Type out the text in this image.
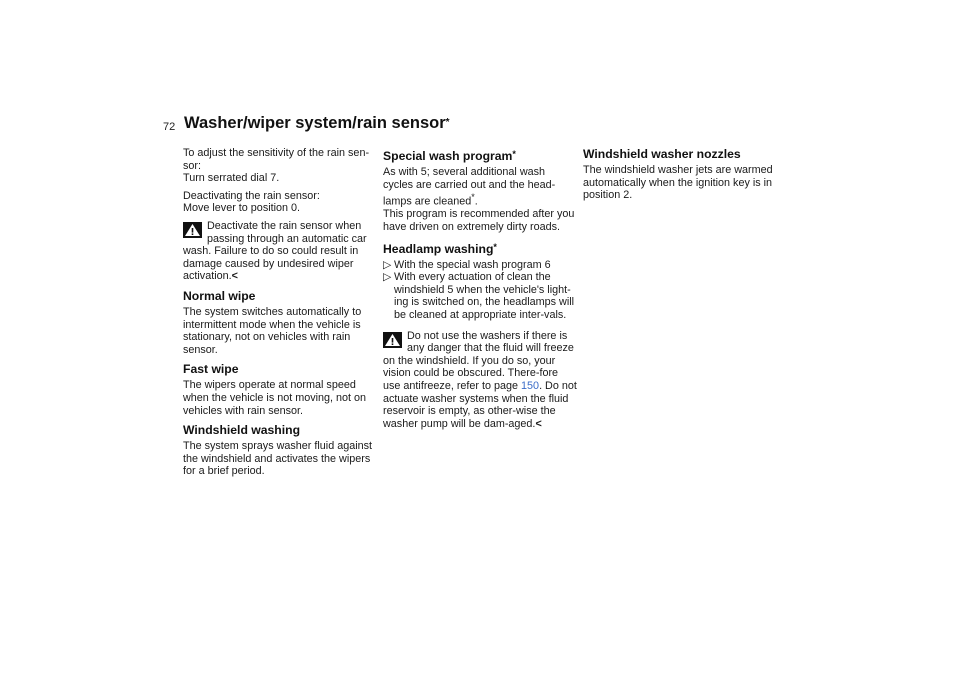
72 Washer/wiper system/rain sensor*

To adjust the sensitivity of the rain sen-sor:
Turn serrated dial 7.

Deactivating the rain sensor:
Move lever to position 0.

Deactivate the rain sensor when passing through an automatic car wash. Failure to do so could result in damage caused by undesired wiper activation.<
Normal wipe

The system switches automatically to intermittent mode when the vehicle is stationary, not on vehicles with rain sensor.

Fast wipe

The wipers operate at normal speed when the vehicle is not moving, not on vehicles with rain sensor.

Windshield washing

The system sprays washer fluid against the windshield and activates the wipers for a brief period.

Special wash program*

As with 5; several additional wash cycles are carried out and the head-lamps are cleaned*.
This program is recommended after you have driven on extremely dirty roads.

Headlamp washing*
▷ With the special wash program 6
▷ With every actuation of clean the windshield 5 when the vehicle's light-ing is switched on, the headlamps will be cleaned at appropriate inter-vals.
Do not use the washers if there is any danger that the fluid will freeze on the windshield. If you do so, your vision could be obscured. There-fore use antifreeze, refer to page 150. Do not actuate washer systems when the fluid reservoir is empty, as other-wise the washer pump will be dam-aged.<
Windshield washer nozzles

The windshield washer jets are warmed automatically when the ignition key is in position 2.
